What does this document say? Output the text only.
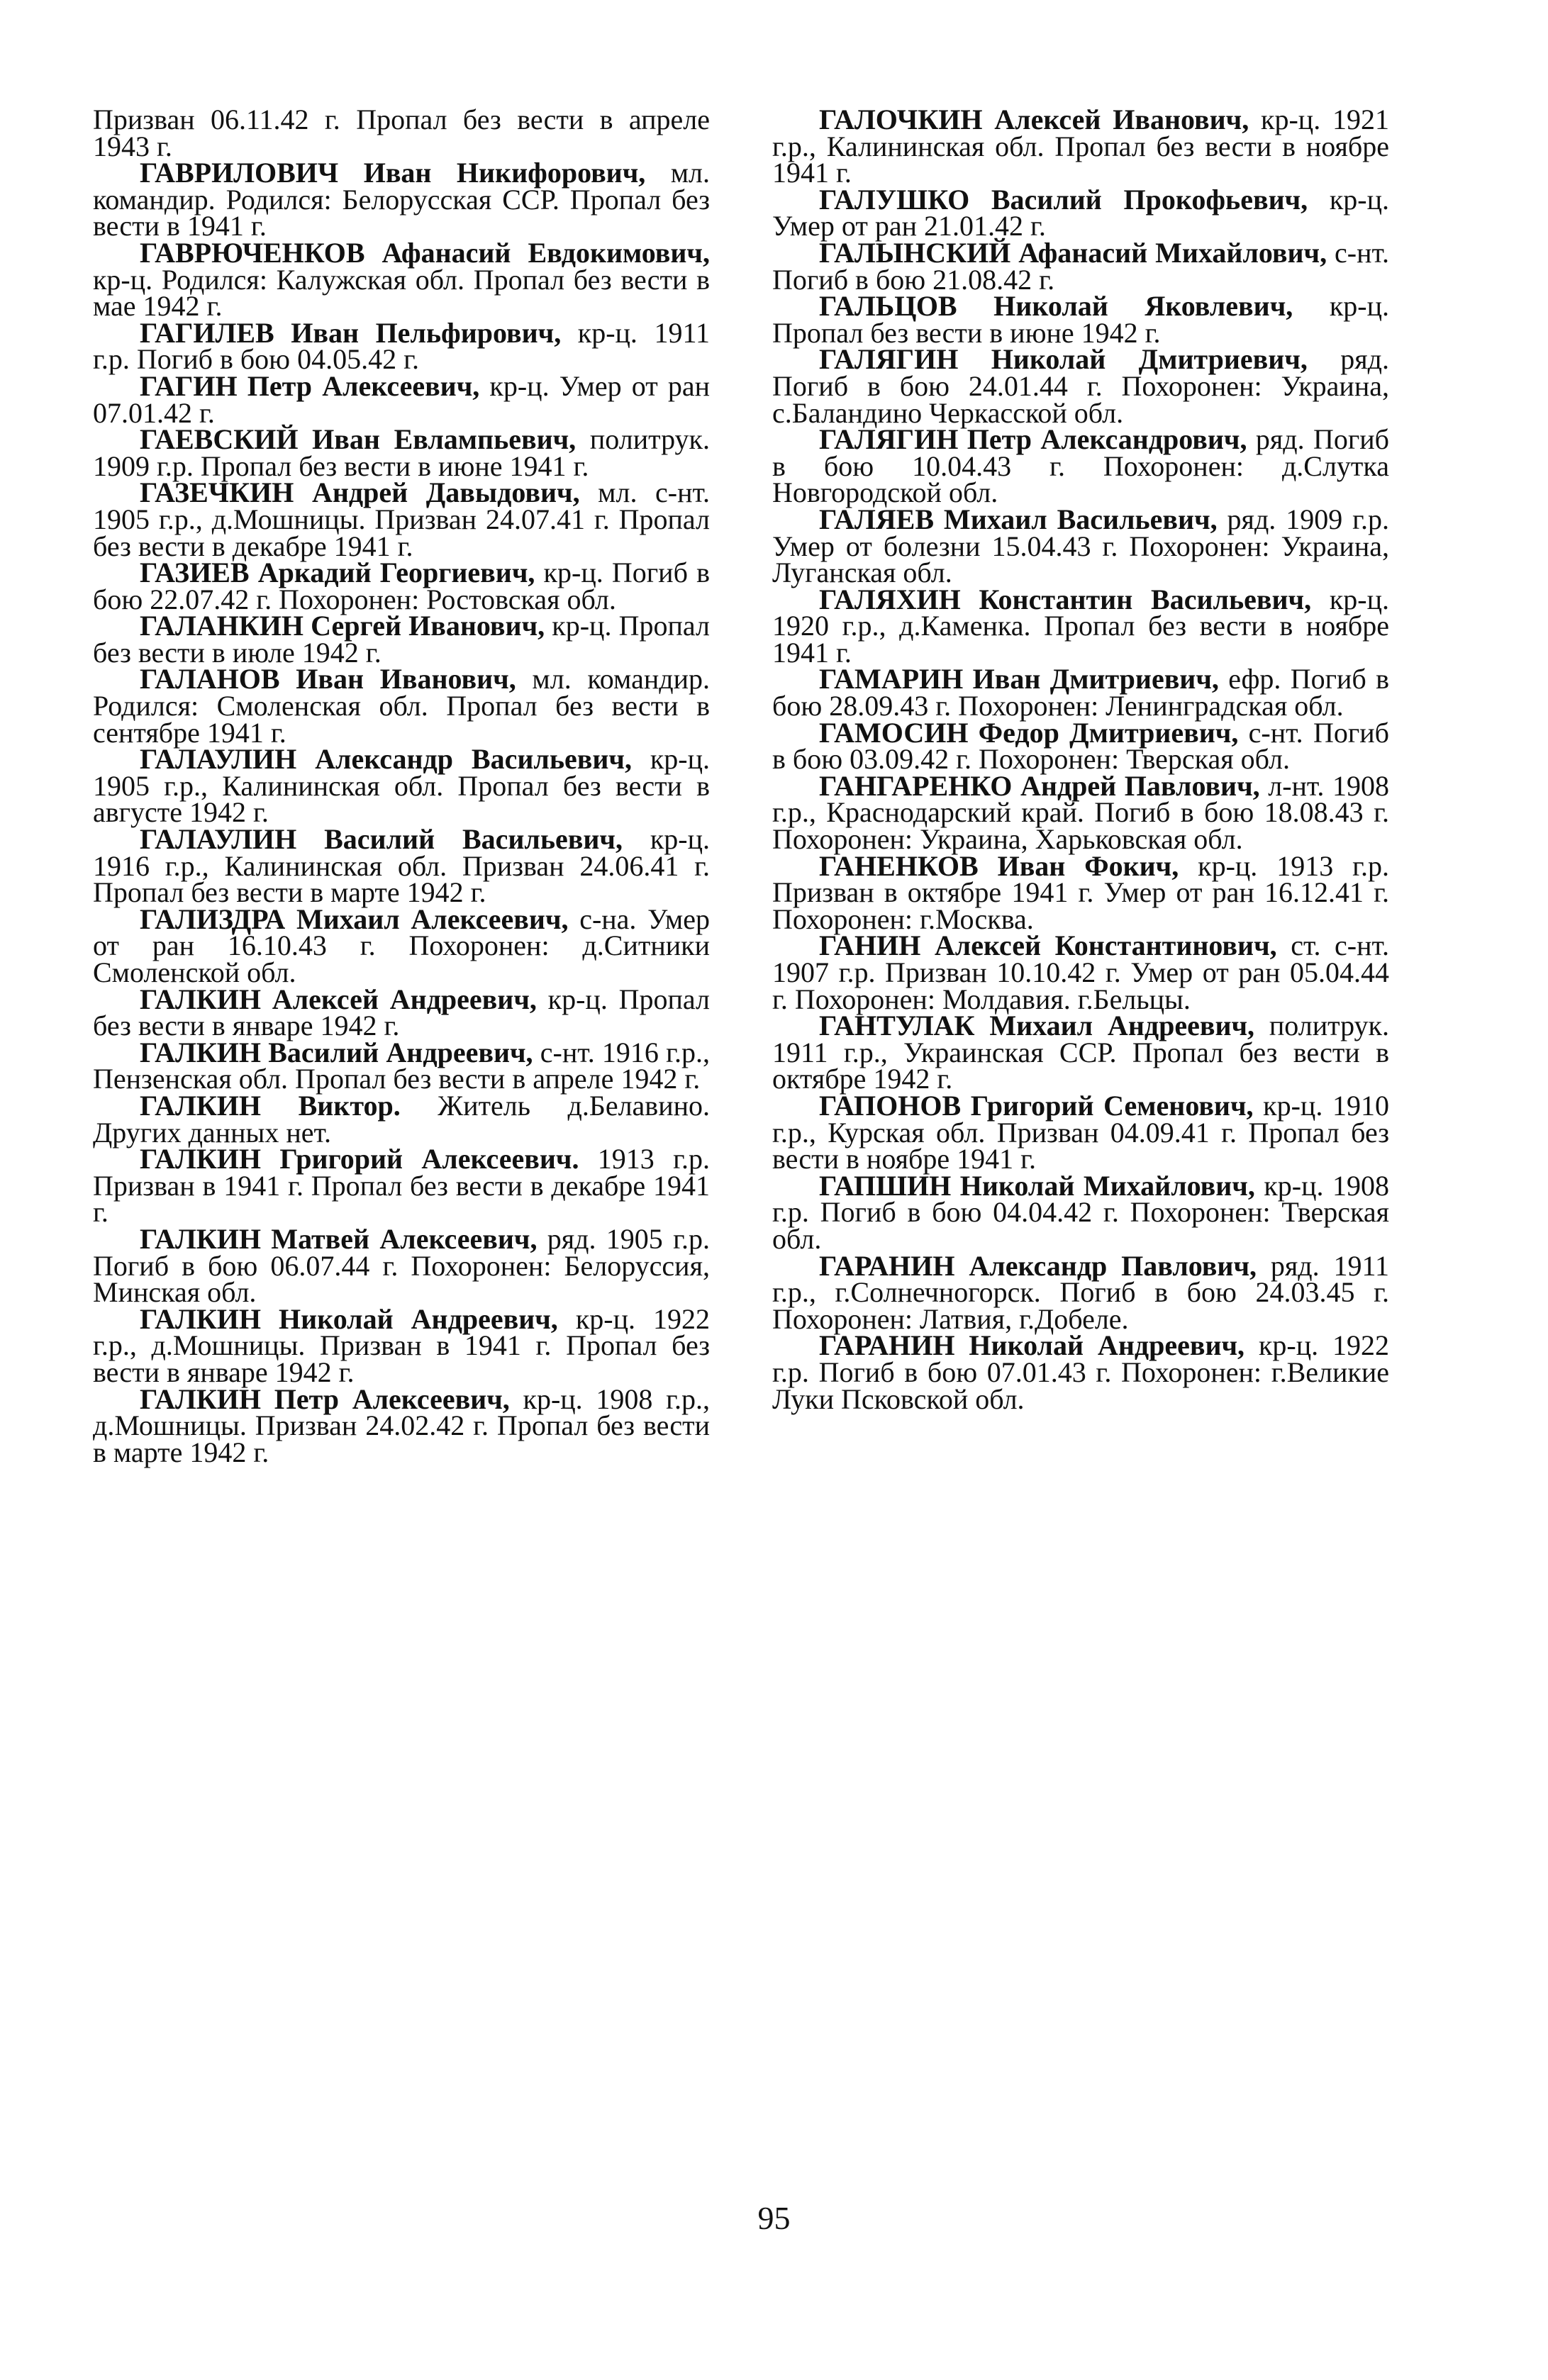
Призван 06.11.42 г. Пропал без вести в апреле 1943 г.

ГАВРИЛОВИЧ Иван Никифорович, мл. командир. Родился: Белорусская ССР. Пропал без вести в 1941 г.

ГАВРЮЧЕНКОВ Афанасий Евдокимович, кр-ц. Родился: Калужская обл. Пропал без вести в мае 1942 г.

ГАГИЛЕВ Иван Пельфирович, кр-ц. 1911 г.р. Погиб в бою 04.05.42 г.

ГАГИН Петр Алексеевич, кр-ц. Умер от ран 07.01.42 г.

ГАЕВСКИЙ Иван Евлампьевич, политрук. 1909 г.р. Пропал без вести в июне 1941 г.

ГАЗЕЧКИН Андрей Давыдович, мл. с-нт. 1905 г.р., д.Мошницы. Призван 24.07.41 г. Пропал без вести в декабре 1941 г.

ГАЗИЕВ Аркадий Георгиевич, кр-ц. Погиб в бою 22.07.42 г. Похоронен: Ростовская обл.

ГАЛАНКИН Сергей Иванович, кр-ц. Пропал без вести в июле 1942 г.

ГАЛАНОВ Иван Иванович, мл. командир. Родился: Смоленская обл. Пропал без вести в сентябре 1941 г.

ГАЛАУЛИН Александр Васильевич, кр-ц. 1905 г.р., Калининская обл. Пропал без вести в августе 1942 г.

ГАЛАУЛИН Василий Васильевич, кр-ц. 1916 г.р., Калининская обл. Призван 24.06.41 г. Пропал без вести в марте 1942 г.

ГАЛИЗДРА Михаил Алексеевич, с-на. Умер от ран 16.10.43 г. Похоронен: д.Ситники Смоленской обл.

ГАЛКИН Алексей Андреевич, кр-ц. Пропал без вести в январе 1942 г.

ГАЛКИН Василий Андреевич, с-нт. 1916 г.р., Пензенская обл. Пропал без вести в апреле 1942 г.

ГАЛКИН Виктор. Житель д.Белавино. Других данных нет.

ГАЛКИН Григорий Алексеевич. 1913 г.р. Призван в 1941 г. Пропал без вести в декабре 1941 г.

ГАЛКИН Матвей Алексеевич, ряд. 1905 г.р. Погиб в бою 06.07.44 г. Похоронен: Белоруссия, Минская обл.

ГАЛКИН Николай Андреевич, кр-ц. 1922 г.р., д.Мошницы. Призван в 1941 г. Пропал без вести в январе 1942 г.

ГАЛКИН Петр Алексеевич, кр-ц. 1908 г.р., д.Мошницы. Призван 24.02.42 г. Пропал без вести в марте 1942 г.

ГАЛОЧКИН Алексей Иванович, кр-ц. 1921 г.р., Калининская обл. Пропал без вести в ноябре 1941 г.

ГАЛУШКО Василий Прокофьевич, кр-ц. Умер от ран 21.01.42 г.

ГАЛЫНСКИЙ Афанасий Михайлович, с-нт. Погиб в бою 21.08.42 г.

ГАЛЬЦОВ Николай Яковлевич, кр-ц. Пропал без вести в июне 1942 г.

ГАЛЯГИН Николай Дмитриевич, ряд. Погиб в бою 24.01.44 г. Похоронен: Украина, с.Баландино Черкасской обл.

ГАЛЯГИН Петр Александрович, ряд. Погиб в бою 10.04.43 г. Похоронен: д.Слутка Новгородской обл.

ГАЛЯЕВ Михаил Васильевич, ряд. 1909 г.р. Умер от болезни 15.04.43 г. Похоронен: Украина, Луганская обл.

ГАЛЯХИН Константин Васильевич, кр-ц. 1920 г.р., д.Каменка. Пропал без вести в ноябре 1941 г.

ГАМАРИН Иван Дмитриевич, ефр. Погиб в бою 28.09.43 г. Похоронен: Ленинградская обл.

ГАМОСИН Федор Дмитриевич, с-нт. Погиб в бою 03.09.42 г. Похоронен: Тверская обл.

ГАНГАРЕНКО Андрей Павлович, л-нт. 1908 г.р., Краснодарский край. Погиб в бою 18.08.43 г. Похоронен: Украина, Харьковская обл.

ГАНЕНКОВ Иван Фокич, кр-ц. 1913 г.р. Призван в октябре 1941 г. Умер от ран 16.12.41 г. Похоронен: г.Москва.

ГАНИН Алексей Константинович, ст. с-нт. 1907 г.р. Призван 10.10.42 г. Умер от ран 05.04.44 г. Похоронен: Молдавия. г.Бельцы.

ГАНТУЛАК Михаил Андреевич, политрук. 1911 г.р., Украинская ССР. Пропал без вести в октябре 1942 г.

ГАПОНОВ Григорий Семенович, кр-ц. 1910 г.р., Курская обл. Призван 04.09.41 г. Пропал без вести в ноябре 1941 г.

ГАПШИН Николай Михайлович, кр-ц. 1908 г.р. Погиб в бою 04.04.42 г. Похоронен: Тверская обл.

ГАРАНИН Александр Павлович, ряд. 1911 г.р., г.Солнечногорск. Погиб в бою 24.03.45 г. Похоронен: Латвия, г.Добеле.

ГАРАНИН Николай Андреевич, кр-ц. 1922 г.р. Погиб в бою 07.01.43 г. Похоронен: г.Великие Луки Псковской обл.

95
